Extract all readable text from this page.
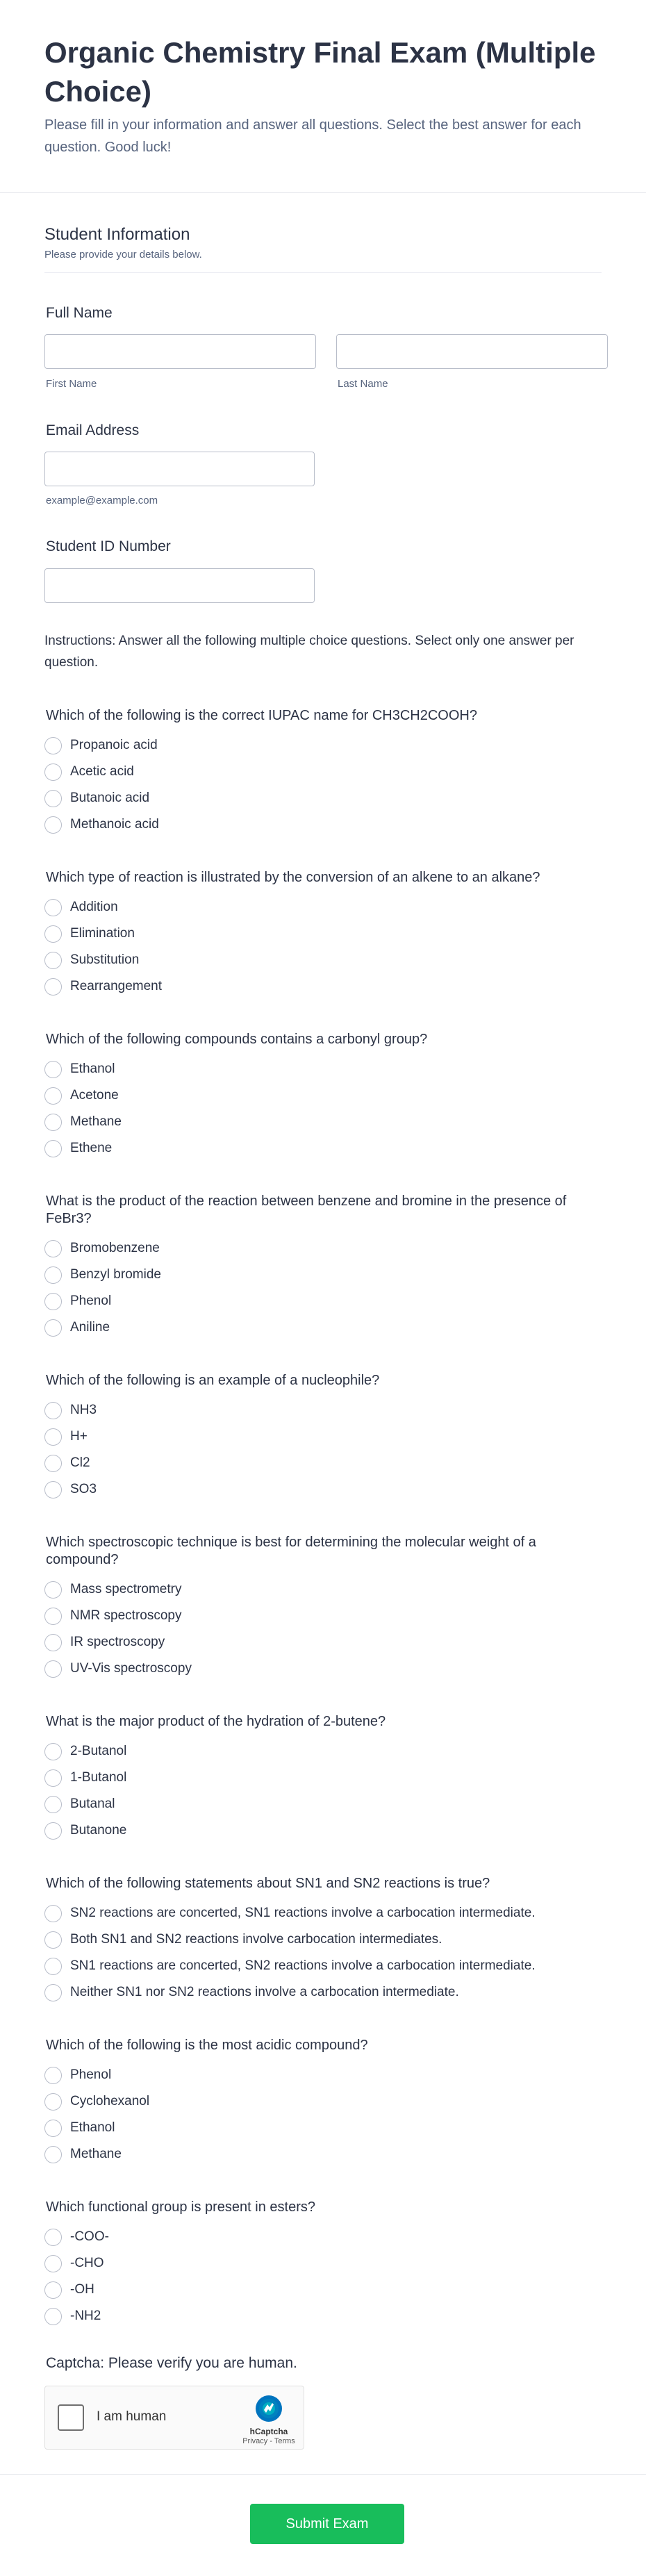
Organic Chemistry Final Exam (Multiple Choice)

Please fill in your information and answer all questions. Select the best answer for each question. Good luck!

Student Information
Please provide your details below.
Full Name
First Name	Last Name
Email Address
example@example.com
Student ID Number
Instructions: Answer all the following multiple choice questions. Select only one answer per question.
Which of the following is the correct IUPAC name for CH3CH2COOH?
Propanoic acid
Acetic acid
Butanoic acid
Methanoic acid
Which type of reaction is illustrated by the conversion of an alkene to an alkane?
Addition
Elimination
Substitution
Rearrangement
Which of the following compounds contains a carbonyl group?
Ethanol
Acetone
Methane
Ethene
What is the product of the reaction between benzene and bromine in the presence of FeBr3?
Bromobenzene
Benzyl bromide
Phenol
Aniline
Which of the following is an example of a nucleophile?
NH3
H+
Cl2
SO3
Which spectroscopic technique is best for determining the molecular weight of a compound?
Mass spectrometry
NMR spectroscopy
IR spectroscopy
UV-Vis spectroscopy
What is the major product of the hydration of 2-butene?
2-Butanol
1-Butanol
Butanal
Butanone
Which of the following statements about SN1 and SN2 reactions is true?
SN2 reactions are concerted, SN1 reactions involve a carbocation intermediate.
Both SN1 and SN2 reactions involve carbocation intermediates.
SN1 reactions are concerted, SN2 reactions involve a carbocation intermediate.
Neither SN1 nor SN2 reactions involve a carbocation intermediate.
Which of the following is the most acidic compound?
Phenol
Cyclohexanol
Ethanol
Methane
Which functional group is present in esters?
-COO-
-CHO
-OH
-NH2
Captcha: Please verify you are human.
I am human
hCaptcha
Privacy - Terms
Submit Exam
